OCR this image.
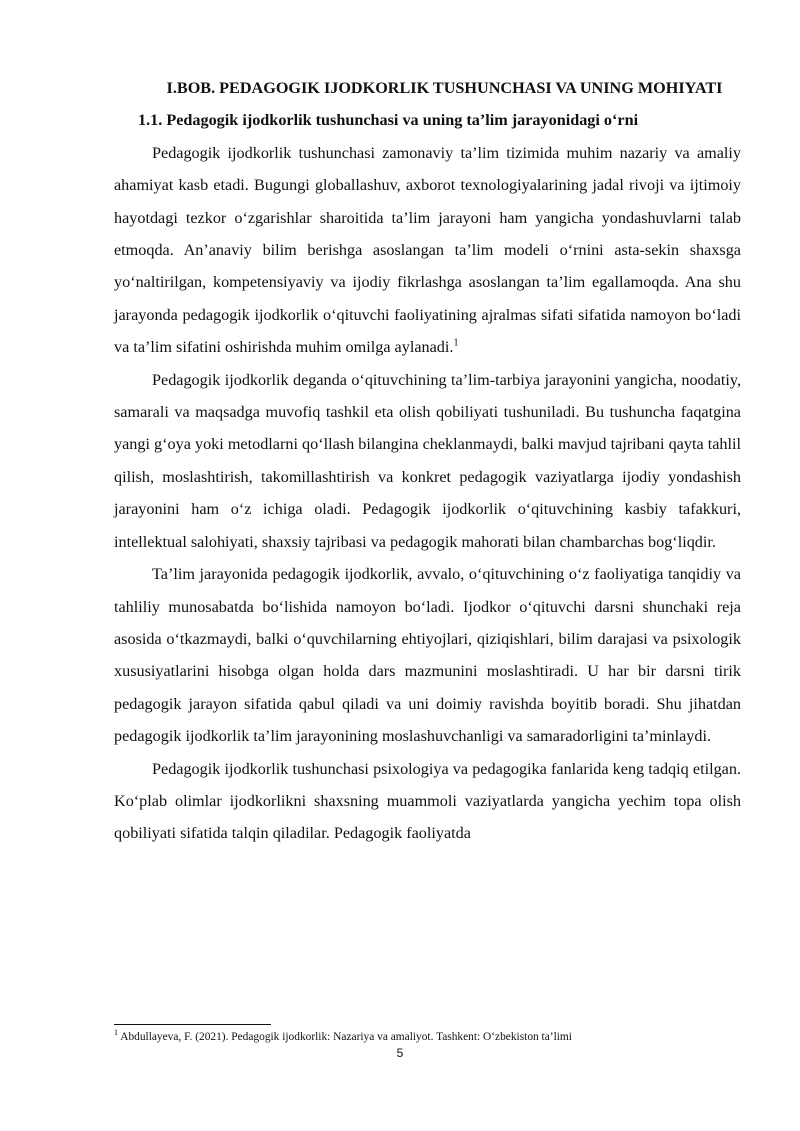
I.BOB. PEDAGOGIK IJODKORLIK TUSHUNCHASI VA UNING MOHIYATI
1.1. Pedagogik ijodkorlik tushunchasi va uning ta’lim jarayonidagi o‘rni

Pedagogik ijodkorlik tushunchasi zamonaviy ta’lim tizimida muhim nazariy va amaliy ahamiyat kasb etadi. Bugungi globallashuv, axborot texnologiyalarining jadal rivoji va ijtimoiy hayotdagi tezkor o‘zgarishlar sharoitida ta’lim jarayoni ham yangicha yondashuvlarni talab etmoqda. An’anaviy bilim berishga asoslangan ta’lim modeli o‘rnini asta-sekin shaxsga yo‘naltirilgan, kompetensiyaviy va ijodiy fikrlashga asoslangan ta’lim egallamoqda. Ana shu jarayonda pedagogik ijodkorlik o‘qituvchi faoliyatining ajralmas sifati sifatida namoyon bo‘ladi va ta’lim sifatini oshirishda muhim omilga aylanadi.$^1$

Pedagogik ijodkorlik deganda o‘qituvchining ta’lim-tarbiya jarayonini yangicha, noodatiy, samarali va maqsadga muvofiq tashkil eta olish qobiliyati tushuniladi. Bu tushuncha faqatgina yangi g‘oya yoki metodlarni qo‘llash bilangina cheklanmaydi, balki mavjud tajribani qayta tahlil qilish, moslashtirish, takomillashtirish va konkret pedagogik vaziyatlarga ijodiy yondashish jarayonini ham o‘z ichiga oladi. Pedagogik ijodkorlik o‘qituvchining kasbiy tafakkuri, intellektual salohiyati, shaxsiy tajribasi va pedagogik mahorati bilan chambarchas bog‘liqdir.

Ta’lim jarayonida pedagogik ijodkorlik, avvalo, o‘qituvchining o‘z faoliyatiga tanqidiy va tahliliy munosabatda bo‘lishida namoyon bo‘ladi. Ijodkor o‘qituvchi darsni shunchaki reja asosida o‘tkazmaydi, balki o‘quvchilarning ehtiyojlari, qiziqishlari, bilim darajasi va psixologik xususiyatlarini hisobga olgan holda dars mazmunini moslashtiradi. U har bir darsni tirik pedagogik jarayon sifatida qabul qiladi va uni doimiy ravishda boyitib boradi. Shu jihatdan pedagogik ijodkorlik ta’lim jarayonining moslashuvchanligi va samaradorligini ta’minlaydi.

Pedagogik ijodkorlik tushunchasi psixologiya va pedagogika fanlarida keng tadqiq etilgan. Ko‘plab olimlar ijodkorlikni shaxsning muammoli vaziyatlarda yangicha yechim topa olish qobiliyati sifatida talqin qiladilar. Pedagogik faoliyatda

$^1$ Abdullayeva, F. (2021). Pedagogik ijodkorlik: Nazariya va amaliyot. Tashkent: O‘zbekiston ta’limi
5
